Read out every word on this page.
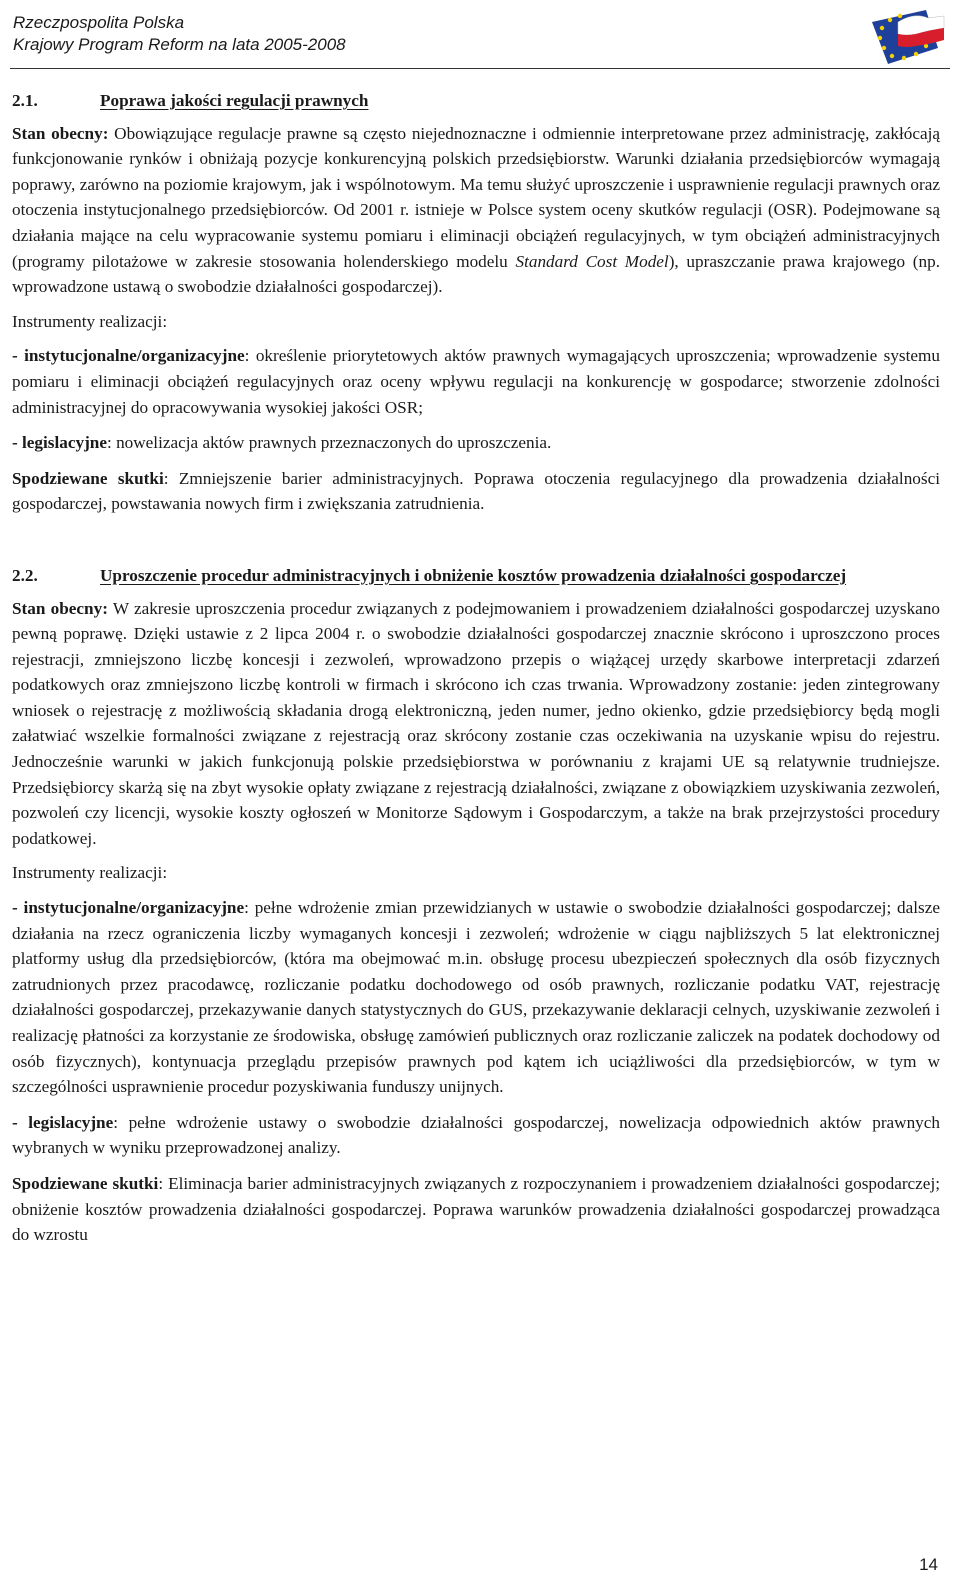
Rzeczpospolita Polska
Krajowy Program Reform na lata 2005-2008

2.1.	Poprawa jakości regulacji prawnych

Stan obecny: Obowiązujące regulacje prawne są często niejednoznaczne i odmiennie interpretowane przez administrację, zakłócają funkcjonowanie rynków i obniżają pozycje konkurencyjną polskich przedsiębiorstw. Warunki działania przedsiębiorców wymagają poprawy, zarówno na poziomie krajowym, jak i wspólnotowym. Ma temu służyć uproszczenie i usprawnienie regulacji prawnych oraz otoczenia instytucjonalnego przedsiębiorców. Od 2001 r. istnieje w Polsce system oceny skutków regulacji (OSR). Podejmowane są działania mające na celu wypracowanie systemu pomiaru i eliminacji obciążeń regulacyjnych, w tym obciążeń administracyjnych (programy pilotażowe w zakresie stosowania holenderskiego modelu Standard Cost Model), upraszczanie prawa krajowego (np. wprowadzone ustawą o swobodzie działalności gospodarczej).

Instrumenty realizacji:

- instytucjonalne/organizacyjne: określenie priorytetowych aktów prawnych wymagających uproszczenia; wprowadzenie systemu pomiaru i eliminacji obciążeń regulacyjnych oraz oceny wpływu regulacji na konkurencję w gospodarce; stworzenie zdolności administracyjnej do opracowywania wysokiej jakości OSR;

- legislacyjne: nowelizacja aktów prawnych przeznaczonych do uproszczenia.

Spodziewane skutki: Zmniejszenie barier administracyjnych. Poprawa otoczenia regulacyjnego dla prowadzenia działalności gospodarczej, powstawania nowych firm i zwiększania zatrudnienia.

2.2.	Uproszczenie procedur administracyjnych i obniżenie kosztów prowadzenia działalności gospodarczej

Stan obecny: W zakresie uproszczenia procedur związanych z podejmowaniem i prowadzeniem działalności gospodarczej uzyskano pewną poprawę. Dzięki ustawie z 2 lipca 2004 r. o swobodzie działalności gospodarczej znacznie skrócono i uproszczono proces rejestracji, zmniejszono liczbę koncesji i zezwoleń, wprowadzono przepis o wiążącej urzędy skarbowe interpretacji zdarzeń podatkowych oraz zmniejszono liczbę kontroli w firmach i skrócono ich czas trwania. Wprowadzony zostanie: jeden zintegrowany wniosek o rejestrację z możliwością składania drogą elektroniczną, jeden numer, jedno okienko, gdzie przedsiębiorcy będą mogli załatwiać wszelkie formalności związane z rejestracją oraz skrócony zostanie czas oczekiwania na uzyskanie wpisu do rejestru. Jednocześnie warunki w jakich funkcjonują polskie przedsiębiorstwa w porównaniu z krajami UE są relatywnie trudniejsze. Przedsiębiorcy skarżą się na zbyt wysokie opłaty związane z rejestracją działalności, związane z obowiązkiem uzyskiwania zezwoleń, pozwoleń czy licencji, wysokie koszty ogłoszeń w Monitorze Sądowym i Gospodarczym, a także na brak przejrzystości procedury podatkowej.

Instrumenty realizacji:

- instytucjonalne/organizacyjne: pełne wdrożenie zmian przewidzianych w ustawie o swobodzie działalności gospodarczej; dalsze działania na rzecz ograniczenia liczby wymaganych koncesji i zezwoleń; wdrożenie w ciągu najbliższych 5 lat elektronicznej platformy usług dla przedsiębiorców, (która ma obejmować m.in. obsługę procesu ubezpieczeń społecznych dla osób fizycznych zatrudnionych przez pracodawcę, rozliczanie podatku dochodowego od osób prawnych, rozliczanie podatku VAT, rejestrację działalności gospodarczej, przekazywanie danych statystycznych do GUS, przekazywanie deklaracji celnych, uzyskiwanie zezwoleń i realizację płatności za korzystanie ze środowiska, obsługę zamówień publicznych oraz rozliczanie zaliczek na podatek dochodowy od osób fizycznych), kontynuacja przeglądu przepisów prawnych pod kątem ich uciążliwości dla przedsiębiorców, w tym w szczególności usprawnienie procedur pozyskiwania funduszy unijnych.

- legislacyjne: pełne wdrożenie ustawy o swobodzie działalności gospodarczej, nowelizacja odpowiednich aktów prawnych wybranych w wyniku przeprowadzonej analizy.

Spodziewane skutki: Eliminacja barier administracyjnych związanych z rozpoczynaniem i prowadzeniem działalności gospodarczej; obniżenie kosztów prowadzenia działalności gospodarczej. Poprawa warunków prowadzenia działalności gospodarczej prowadząca do wzrostu

14
